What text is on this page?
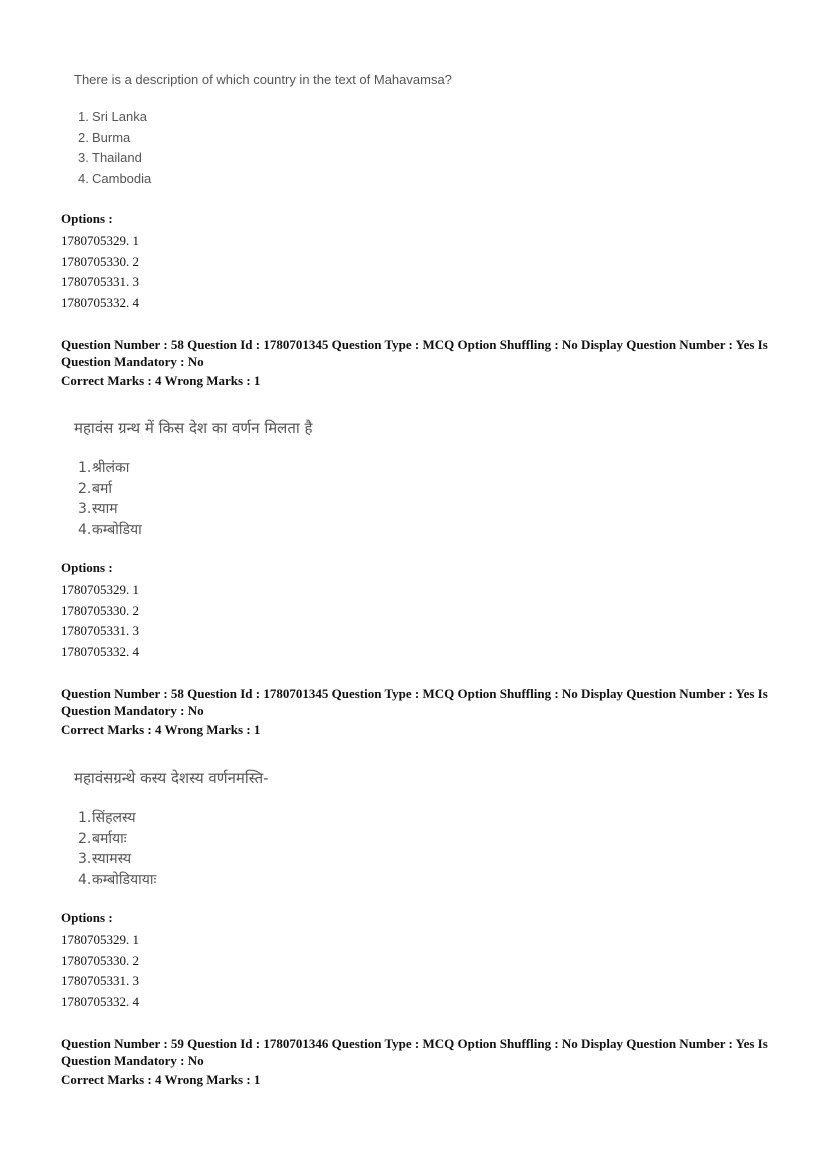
There is a description of which country in the text of Mahavamsa?

1. Sri Lanka
2. Burma
3. Thailand
4. Cambodia
Options :
1780705329. 1
1780705330. 2
1780705331. 3
1780705332. 4
Question Number : 58 Question Id : 1780701345 Question Type : MCQ Option Shuffling : No Display Question Number : Yes Is Question Mandatory : No
Correct Marks : 4 Wrong Marks : 1

महावंस ग्रन्थ में किस देश का वर्णन मिलता है

1.श्रीलंका
2.बर्मा
3.स्याम
4.कम्बोडिया
Options :
1780705329. 1
1780705330. 2
1780705331. 3
1780705332. 4
Question Number : 58 Question Id : 1780701345 Question Type : MCQ Option Shuffling : No Display Question Number : Yes Is Question Mandatory : No
Correct Marks : 4 Wrong Marks : 1

महावंसग्रन्थे कस्य देशस्य वर्णनमस्ति-

1.सिंहलस्य
2.बर्मायाः
3.स्यामस्य
4.कम्बोडियायाः
Options :
1780705329. 1
1780705330. 2
1780705331. 3
1780705332. 4
Question Number : 59 Question Id : 1780701346 Question Type : MCQ Option Shuffling : No Display Question Number : Yes Is Question Mandatory : No
Correct Marks : 4 Wrong Marks : 1
